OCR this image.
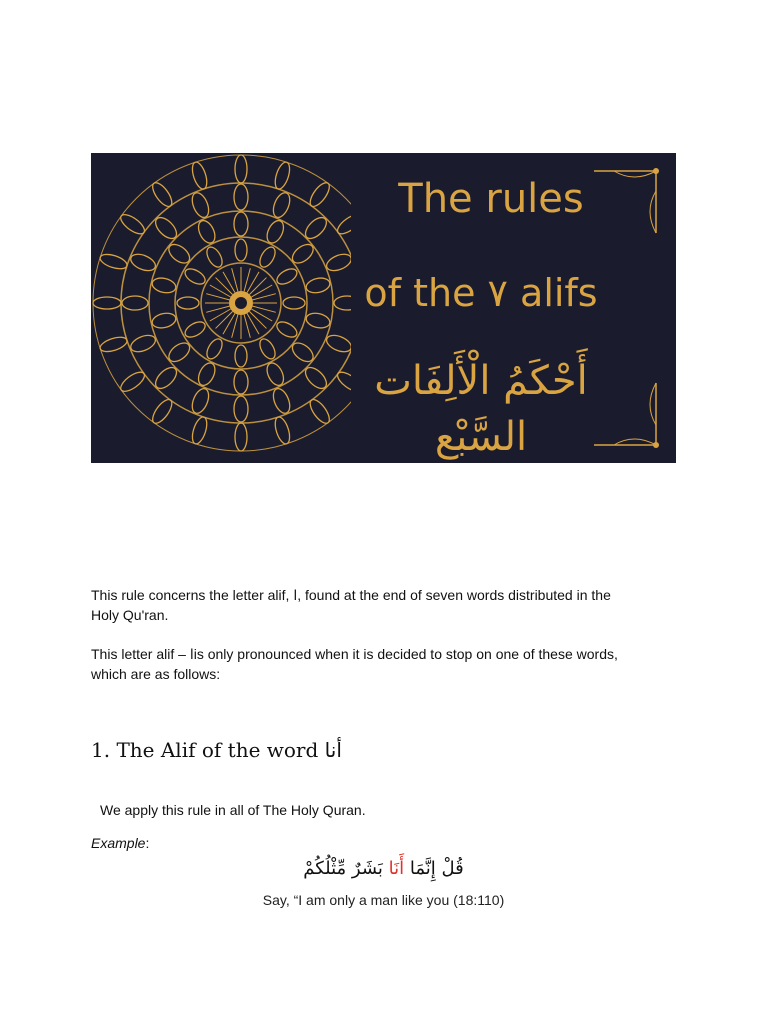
The rules
of the ٧ alifs
أَحْكَمُ الْأَلِفَات السَّبْع
This rule concerns the letter alif, ا, found at the end of seven words distributed in the
Holy Qu'ran.
This letter alif – اis only pronounced when it is decided to stop on one of these words,
which are as follows:
1. The Alif of the word أنا
We apply this rule in all of The Holy Quran.
Example:
قُلْ إِنَّمَا أَنَا بَشَرٌ مِّثْلُكُمْ
Say, “I am only a man like you (18:110)
